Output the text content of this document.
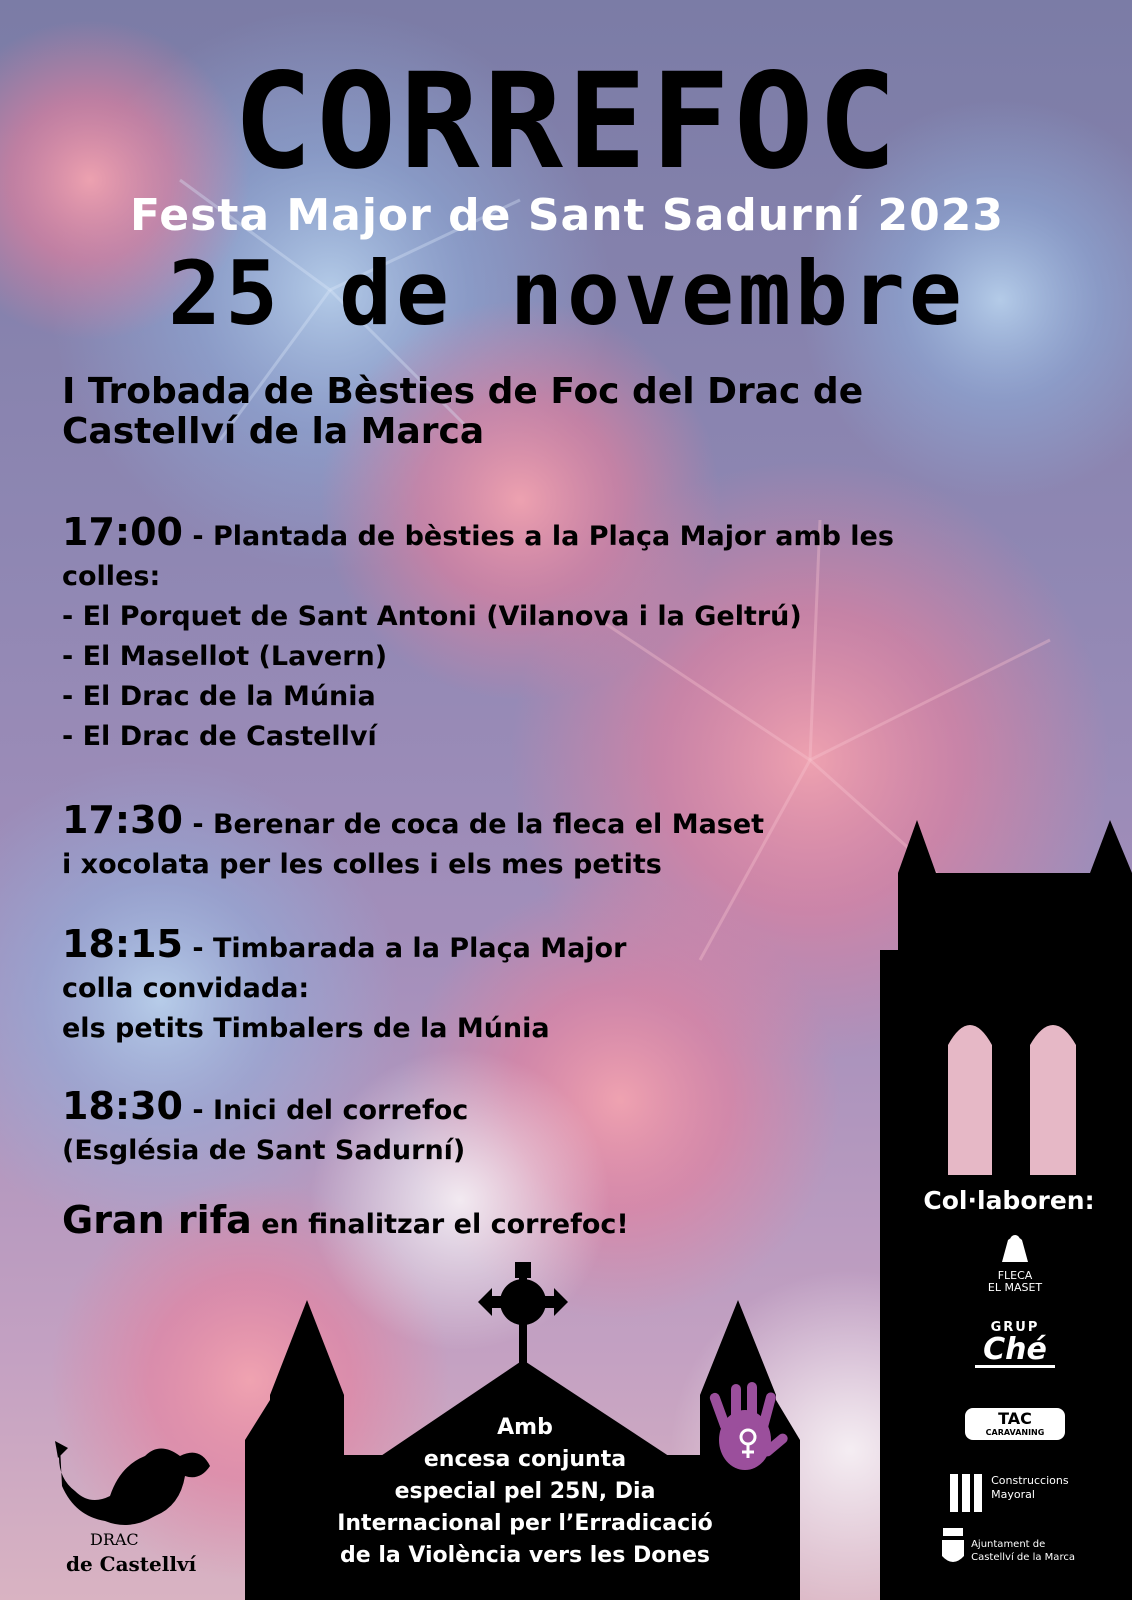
CORREFOC
Festa Major de Sant Sadurní 2023
25 de novembre
I Trobada de Bèsties de Foc del Drac de
Castellví de la Marca
17:00 - Plantada de bèsties a la Plaça Major amb les
colles:
- El Porquet de Sant Antoni (Vilanova i la Geltrú)
- El Masellot (Lavern)
- El Drac de la Múnia
- El Drac de Castellví
17:30 - Berenar de coca de la fleca el Maset
i xocolata per les colles i els mes petits
18:15 - Timbarada a la Plaça Major
colla convidada:
els petits Timbalers de la Múnia
18:30 - Inici del correfoc
(Església de Sant Sadurní)
Gran rifa en finalitzar el correfoc!
Amb
encesa conjunta
especial pel 25N, Dia
Internacional per l’Erradicació
de la Violència vers les Dones
Col·laboren:
FLECA
EL MASET
GRUP
Ché
TAC
CARAVANING

Construccions
Mayoral

Ajuntament de
Castellví de la Marca
DRAC
de Castellví
